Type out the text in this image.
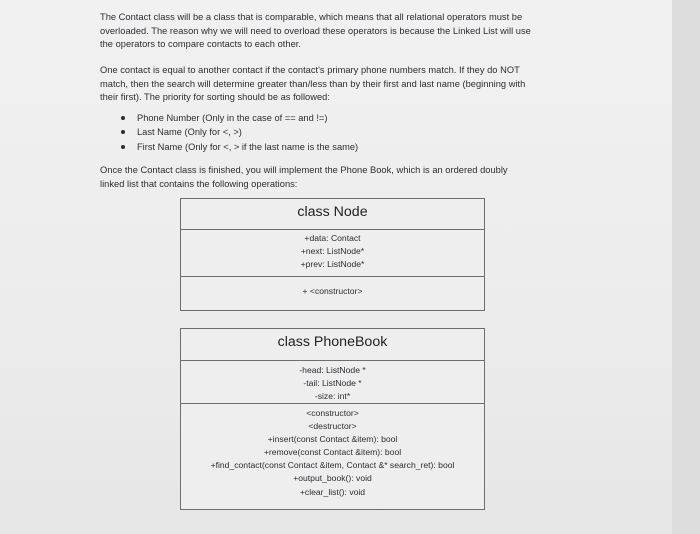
The Contact class will be a class that is comparable, which means that all relational operators must be
overloaded. The reason why we will need to overload these operators is because the Linked List will use
the operators to compare contacts to each other.

One contact is equal to another contact if the contact's primary phone numbers match. If they do NOT
match, then the search will determine greater than/less than by their first and last name (beginning with
their first). The priority for sorting should be as followed:

Phone Number (Only in the case of == and !=)
Last Name (Only for <, >)
First Name (Only for <, > if the last name is the same)

Once the Contact class is finished, you will implement the Phone Book, which is an ordered doubly
linked list that contains the following operations:

class Node
+data: Contact
+next: ListNode*
+prev: ListNode*
+ <constructor>
class PhoneBook
-head: ListNode *
-tail: ListNode *
-size: int*
<constructor>
<destructor>
+insert(const Contact &item): bool
+remove(const Contact &item): bool
+find_contact(const Contact &item, Contact &* search_ret): bool
+output_book(): void
+clear_list(): void
